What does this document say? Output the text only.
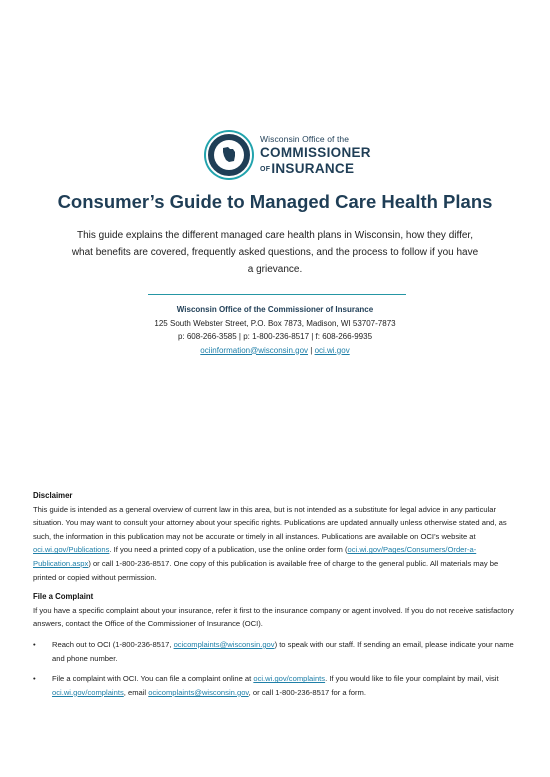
Wisconsin Office of the
COMMISSIONER
OFINSURANCE
Consumer’s Guide to Managed Care Health Plans
This guide explains the different managed care health plans in Wisconsin, how they differ, what benefits are covered, frequently asked questions, and the process to follow if you have a grievance.
Wisconsin Office of the Commissioner of Insurance
125 South Webster Street, P.O. Box 7873, Madison, WI 53707-7873
p: 608-266-3585 | p: 1-800-236-8517 | f: 608-266-9935
ociinformation@wisconsin.gov | oci.wi.gov
Disclaimer

This guide is intended as a general overview of current law in this area, but is not intended as a substitute for legal advice in any particular situation. You may want to consult your attorney about your specific rights. Publications are updated annually unless otherwise stated and, as such, the information in this publication may not be accurate or timely in all instances. Publications are available on OCI’s website at oci.wi.gov/Publications. If you need a printed copy of a publication, use the online order form (oci.wi.gov/Pages/Consumers/Order-a-Publication.aspx) or call 1-800-236-8517. One copy of this publication is available free of charge to the general public. All materials may be printed or copied without permission.

File a Complaint

If you have a specific complaint about your insurance, refer it first to the insurance company or agent involved. If you do not receive satisfactory answers, contact the Office of the Commissioner of Insurance (OCI).

• Reach out to OCI (1-800-236-8517, ocicomplaints@wisconsin.gov) to speak with our staff. If sending an email, please indicate your name and phone number.
• File a complaint with OCI. You can file a complaint online at oci.wi.gov/complaints. If you would like to file your complaint by mail, visit oci.wi.gov/complaints, email ocicomplaints@wisconsin.gov, or call 1-800-236-8517 for a form.
